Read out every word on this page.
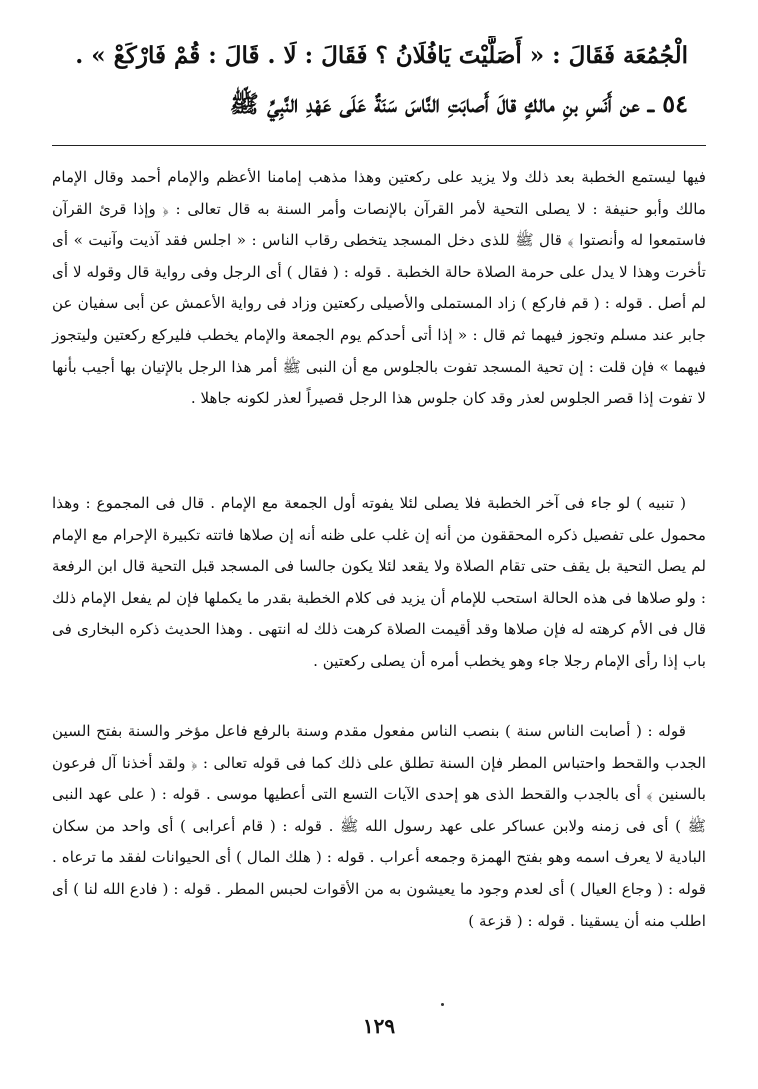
الْجُمُعَة فَقَالَ : « أَصَلَّيْتَ يَافُلَانُ ؟ فَقَالَ : لَا . قَالَ : قُمْ فَارْكَعْ » .
٥٤ ــ عن أَنَسِ بنِ مالكٍ قالَ أَصابَتِ النَّاسَ سَنَةٌ عَلَى عَهْدِ النَّبِيِّ ﷺ

فيها ليستمع الخطبة بعد ذلك ولا يزيد على ركعتين وهذا مذهب إمامنا الأعظم والإمام أحمد وقال الإمام مالك وأبو حنيفة : لا يصلى التحية لأمر القرآن بالإنصات وأمر السنة به قال تعالى : ﴿ وإذا قرئ القرآن فاستمعوا له وأنصتوا ﴾ قال ﷺ للذى دخل المسجد يتخطى رقاب الناس : « اجلس فقد آذيت وآنيت » أى تأخرت وهذا لا يدل على حرمة الصلاة حالة الخطبة . قوله : ( فقال ) أى الرجل وفى رواية قال وقوله لا أى لم أصل . قوله : ( قم فاركع ) زاد المستملى والأصيلى ركعتين وزاد فى رواية الأعمش عن أبى سفيان عن جابر عند مسلم وتجوز فيهما ثم قال : « إذا أتى أحدكم يوم الجمعة والإمام يخطب فليركع ركعتين وليتجوز فيهما » فإن قلت : إن تحية المسجد تفوت بالجلوس مع أن النبى ﷺ أمر هذا الرجل بالإتيان بها أجيب بأنها لا تفوت إذا قصر الجلوس لعذر وقد كان جلوس هذا الرجل قصيراً لعذر لكونه جاهلا .

( تنبيه ) لو جاء فى آخر الخطبة فلا يصلى لئلا يفوته أول الجمعة مع الإمام . قال فى المجموع : وهذا محمول على تفصيل ذكره المحققون من أنه إن غلب على ظنه أنه إن صلاها فاتته تكبيرة الإحرام مع الإمام لم يصل التحية بل يقف حتى تقام الصلاة ولا يقعد لئلا يكون جالسا فى المسجد قبل التحية قال ابن الرفعة : ولو صلاها فى هذه الحالة استحب للإمام أن يزيد فى كلام الخطبة بقدر ما يكملها فإن لم يفعل الإمام ذلك قال فى الأم كرهته له فإن صلاها وقد أقيمت الصلاة كرهت ذلك له انتهى . وهذا الحديث ذكره البخارى فى باب إذا رأى الإمام رجلا جاء وهو يخطب أمره أن يصلى ركعتين .

قوله : ( أصابت الناس سنة ) بنصب الناس مفعول مقدم وسنة بالرفع فاعل مؤخر والسنة بفتح السين الجدب والقحط واحتباس المطر فإن السنة تطلق على ذلك كما فى قوله تعالى : ﴿ ولقد أخذنا آل فرعون بالسنين ﴾ أى بالجدب والقحط الذى هو إحدى الآيات التسع التى أعطيها موسى . قوله : ( على عهد النبى ﷺ ) أى فى زمنه ولابن عساكر على عهد رسول الله ﷺ . قوله : ( قام أعرابى ) أى واحد من سكان البادية لا يعرف اسمه وهو بفتح الهمزة وجمعه أعراب . قوله : ( هلك المال ) أى الحيوانات لفقد ما ترعاه . قوله : ( وجاع العيال ) أى لعدم وجود ما يعيشون به من الأقوات لحبس المطر . قوله : ( فادع الله لنا ) أى اطلب منه أن يسقينا . قوله : ( قزعة )

١٢٩
